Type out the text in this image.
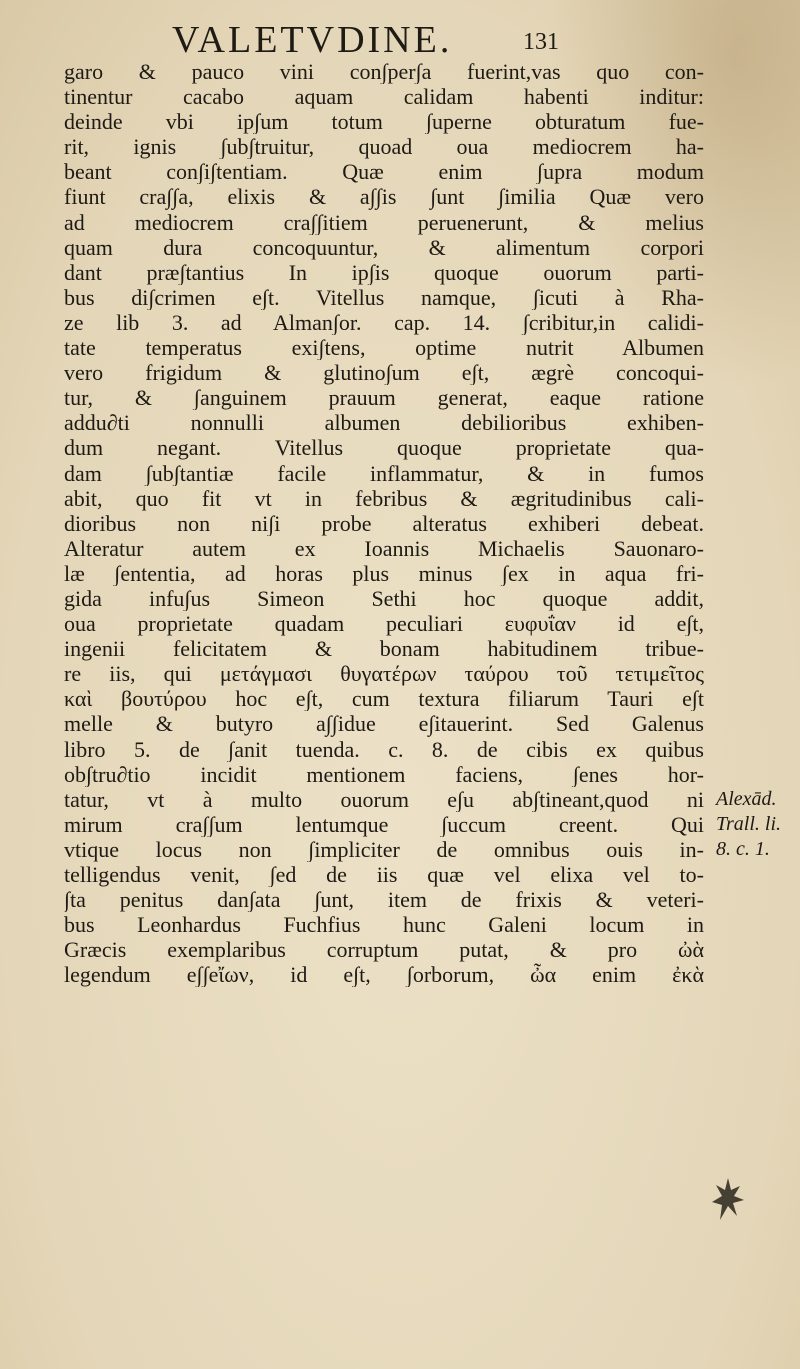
VALETVDINE.	131
garo & pauco vini con∫per∫a fuerint,vas quo con-
tinentur cacabo aquam calidam habenti inditur:
deinde vbi ip∫um totum ∫uperne obturatum fue-
rit, ignis ∫ub∫truitur, quoad oua mediocrem ha-
beant con∫i∫tentiam. Quæ enim ∫upra modum
fiunt cra∫∫a, elixis & a∫∫is ∫unt ∫imilia Quæ vero
ad mediocrem cra∫∫itiem peruenerunt, & melius
quam dura concoquuntur, & alimentum corpori
dant præ∫tantius In ip∫is quoque ouorum parti-
bus di∫crimen e∫t. Vitellus namque, ∫icuti à Rha-
ze lib 3. ad Alman∫or. cap. 14. ∫cribitur,in calidi-
tate temperatus exi∫tens, optime nutrit Albumen
vero frigidum & glutino∫um e∫t, ægrè concoqui-
tur, & ∫anguinem prauum generat, eaque ratione
addu∂ti nonnulli albumen debilioribus exhiben-
dum negant. Vitellus quoque proprietate qua-
dam ∫ub∫tantiæ facile inflammatur, & in fumos
abit, quo fit vt in febribus & ægritudinibus cali-
dioribus non ni∫i probe alteratus exhiberi debeat.
Alteratur autem ex Ioannis Michaelis Sauonaro-
læ ∫ententia, ad horas plus minus ∫ex in aqua fri-
gida infu∫us Simeon Sethi hoc quoque addit,
oua proprietate quadam peculiari ευφυΐαν id e∫t,
ingenii felicitatem & bonam habitudinem tribue-
re iis, qui μετάγμασι θυγατέρων ταύρου τοῦ τετιμεῖτος
καὶ βουτύρου hoc e∫t, cum textura filiarum Tauri e∫t
melle & butyro a∫∫idue e∫itauerint. Sed Galenus
libro 5. de ∫anit tuenda. c. 8. de cibis ex quibus
ob∫tru∂tio incidit mentionem faciens, ∫enes hor-
tatur, vt à multo ouorum e∫u ab∫tineant,quod ni
mirum cra∫∫um lentumque ∫uccum creent. Qui
vtique locus non ∫impliciter de omnibus ouis in-
telligendus venit, ∫ed de iis quæ vel elixa vel to-
∫ta penitus dan∫ata ∫unt, item de frixis & veteri-
bus Leonhardus Fuchfius hunc Galeni locum in
Græcis exemplaribus corruptum putat, & pro ὠὰ
legendum e∫∫eἴων, id e∫t, ∫orborum, ὦα enim ἐκὰ
Alexād.
Trall. li.
8. c. 1.
